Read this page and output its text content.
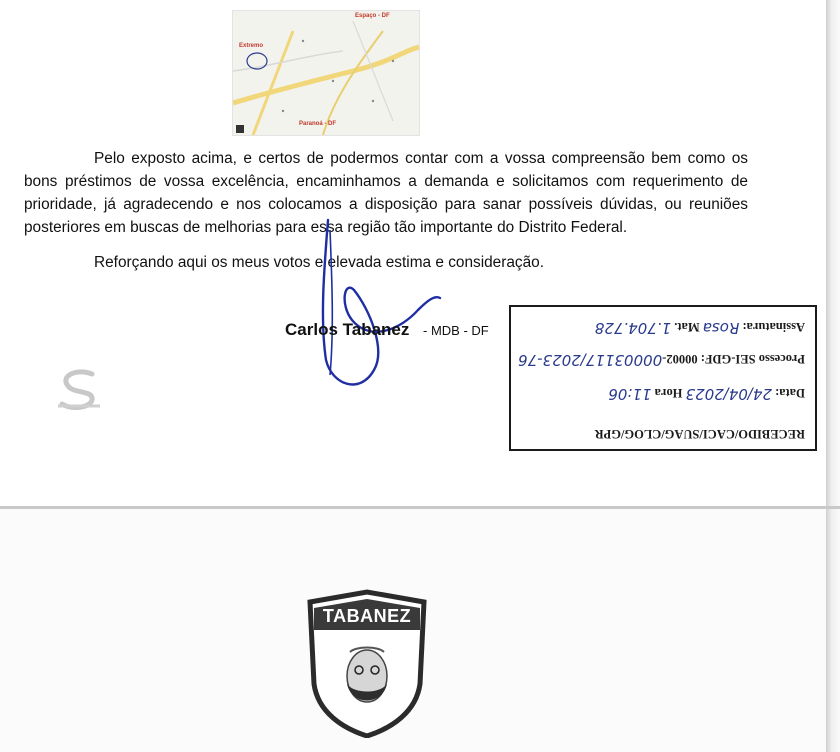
Espaço - DF
Extremo
Paranoá - DF

Pelo exposto acima, e certos de podermos contar com a vossa compreensão bem como os bons préstimos de vossa excelência, encaminhamos a demanda e solicitamos com requerimento de prioridade, já agradecendo e nos colocamos a disposição para sanar possíveis dúvidas, ou reuniões posteriores em buscas de melhorias para essa região tão importante do Distrito Federal.

Reforçando aqui os meus votos e elevada estima e consideração.

Carlos Tabanez - MDB - DF
RECEBIDO/CACI/SUAG/CLOG/GPR
Data: 24/04/2023 Hora 11:06
Processo SEI-GDF: 00002-00003117/2023-76
Assinatura: Rosa Mat. 1.704.728
TABANEZ
